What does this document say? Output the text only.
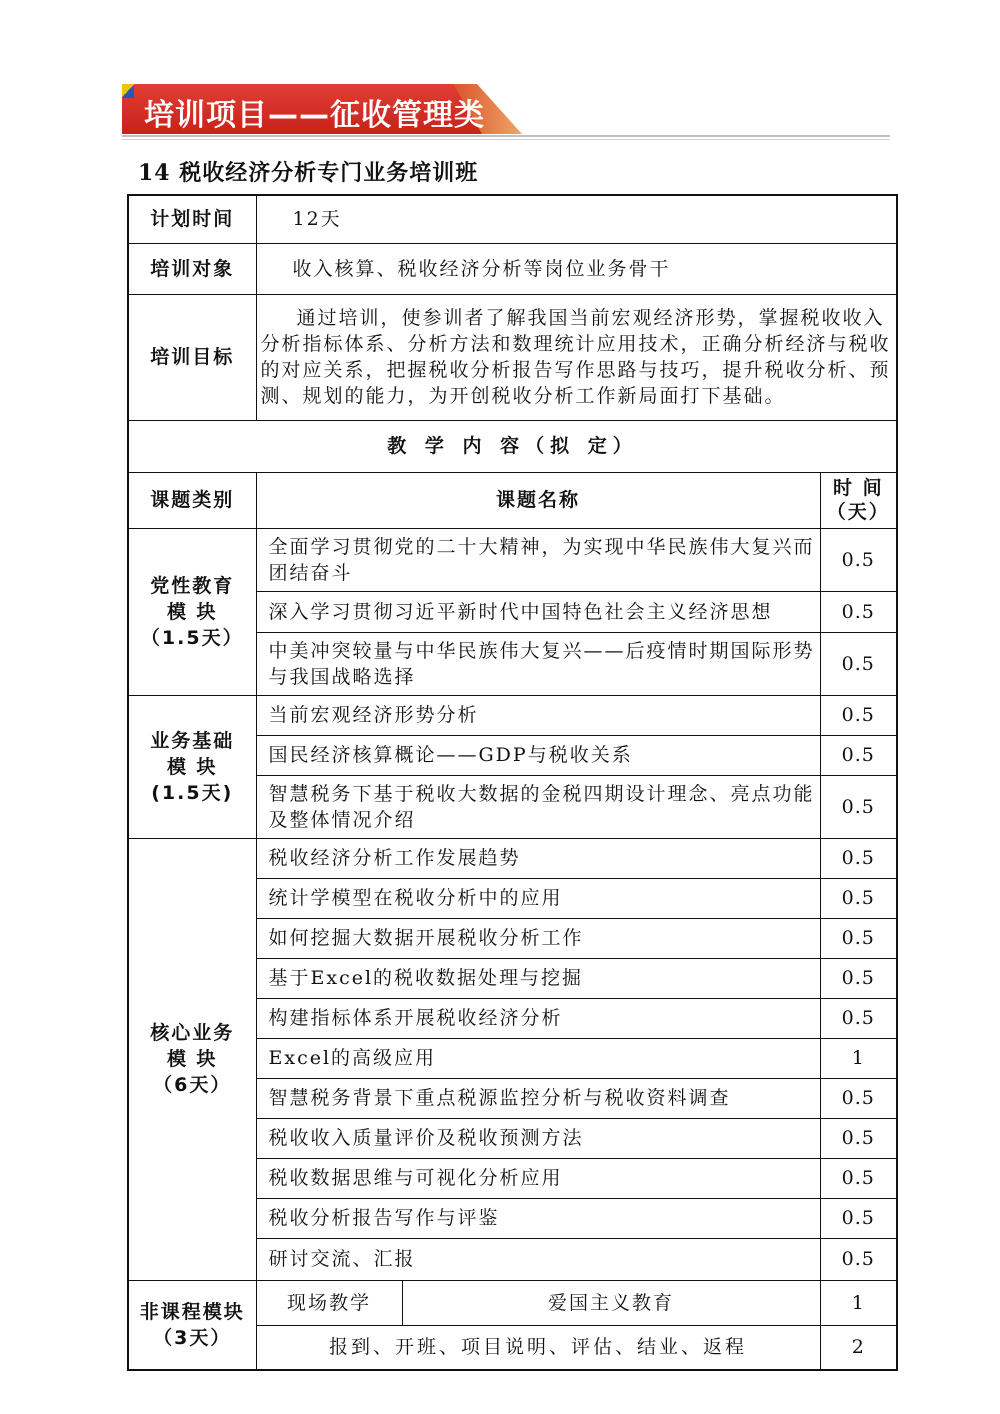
培训项目——征收管理类
14 税收经济分析专门业务培训班
计划时间	12天		
培训对象	收入核算、税收经济分析等岗位业务骨干		
培训目标	通过培训，使参训者了解我国当前宏观经济形势，掌握税收收入分析指标体系、分析方法和数理统计应用技术，正确分析经济与税收的对应关系，把握税收分析报告写作思路与技巧，提升税收分析、预测、规划的能力，为开创税收分析工作新局面打下基础。		
教 学 内 容（拟 定）			
课题类别	课题名称		时 间
（天）

党性教育
模 块
（1.5天）	全面学习贯彻党的二十大精神，为实现中华民族伟大复兴而团结奋斗		0.5
	深入学习贯彻习近平新时代中国特色社会主义经济思想		0.5
	中美冲突较量与中华民族伟大复兴——后疫情时期国际形势与我国战略选择		0.5

业务基础
模 块
(1.5天)	当前宏观经济形势分析		0.5
	国民经济核算概论——GDP与税收关系		0.5
	智慧税务下基于税收大数据的金税四期设计理念、亮点功能及整体情况介绍		0.5

核心业务
模 块
（6天）	税收经济分析工作发展趋势		0.5
	统计学模型在税收分析中的应用		0.5
	如何挖掘大数据开展税收分析工作		0.5
	基于Excel的税收数据处理与挖掘		0.5
	构建指标体系开展税收经济分析		0.5
	Excel的高级应用		1
	智慧税务背景下重点税源监控分析与税收资料调查		0.5
	税收收入质量评价及税收预测方法		0.5
	税收数据思维与可视化分析应用		0.5
	税收分析报告写作与评鉴		0.5
	研讨交流、汇报		0.5

非课程模块
（3天）	现场教学	爱国主义教育	1
	报到、开班、项目说明、评估、结业、返程		2
